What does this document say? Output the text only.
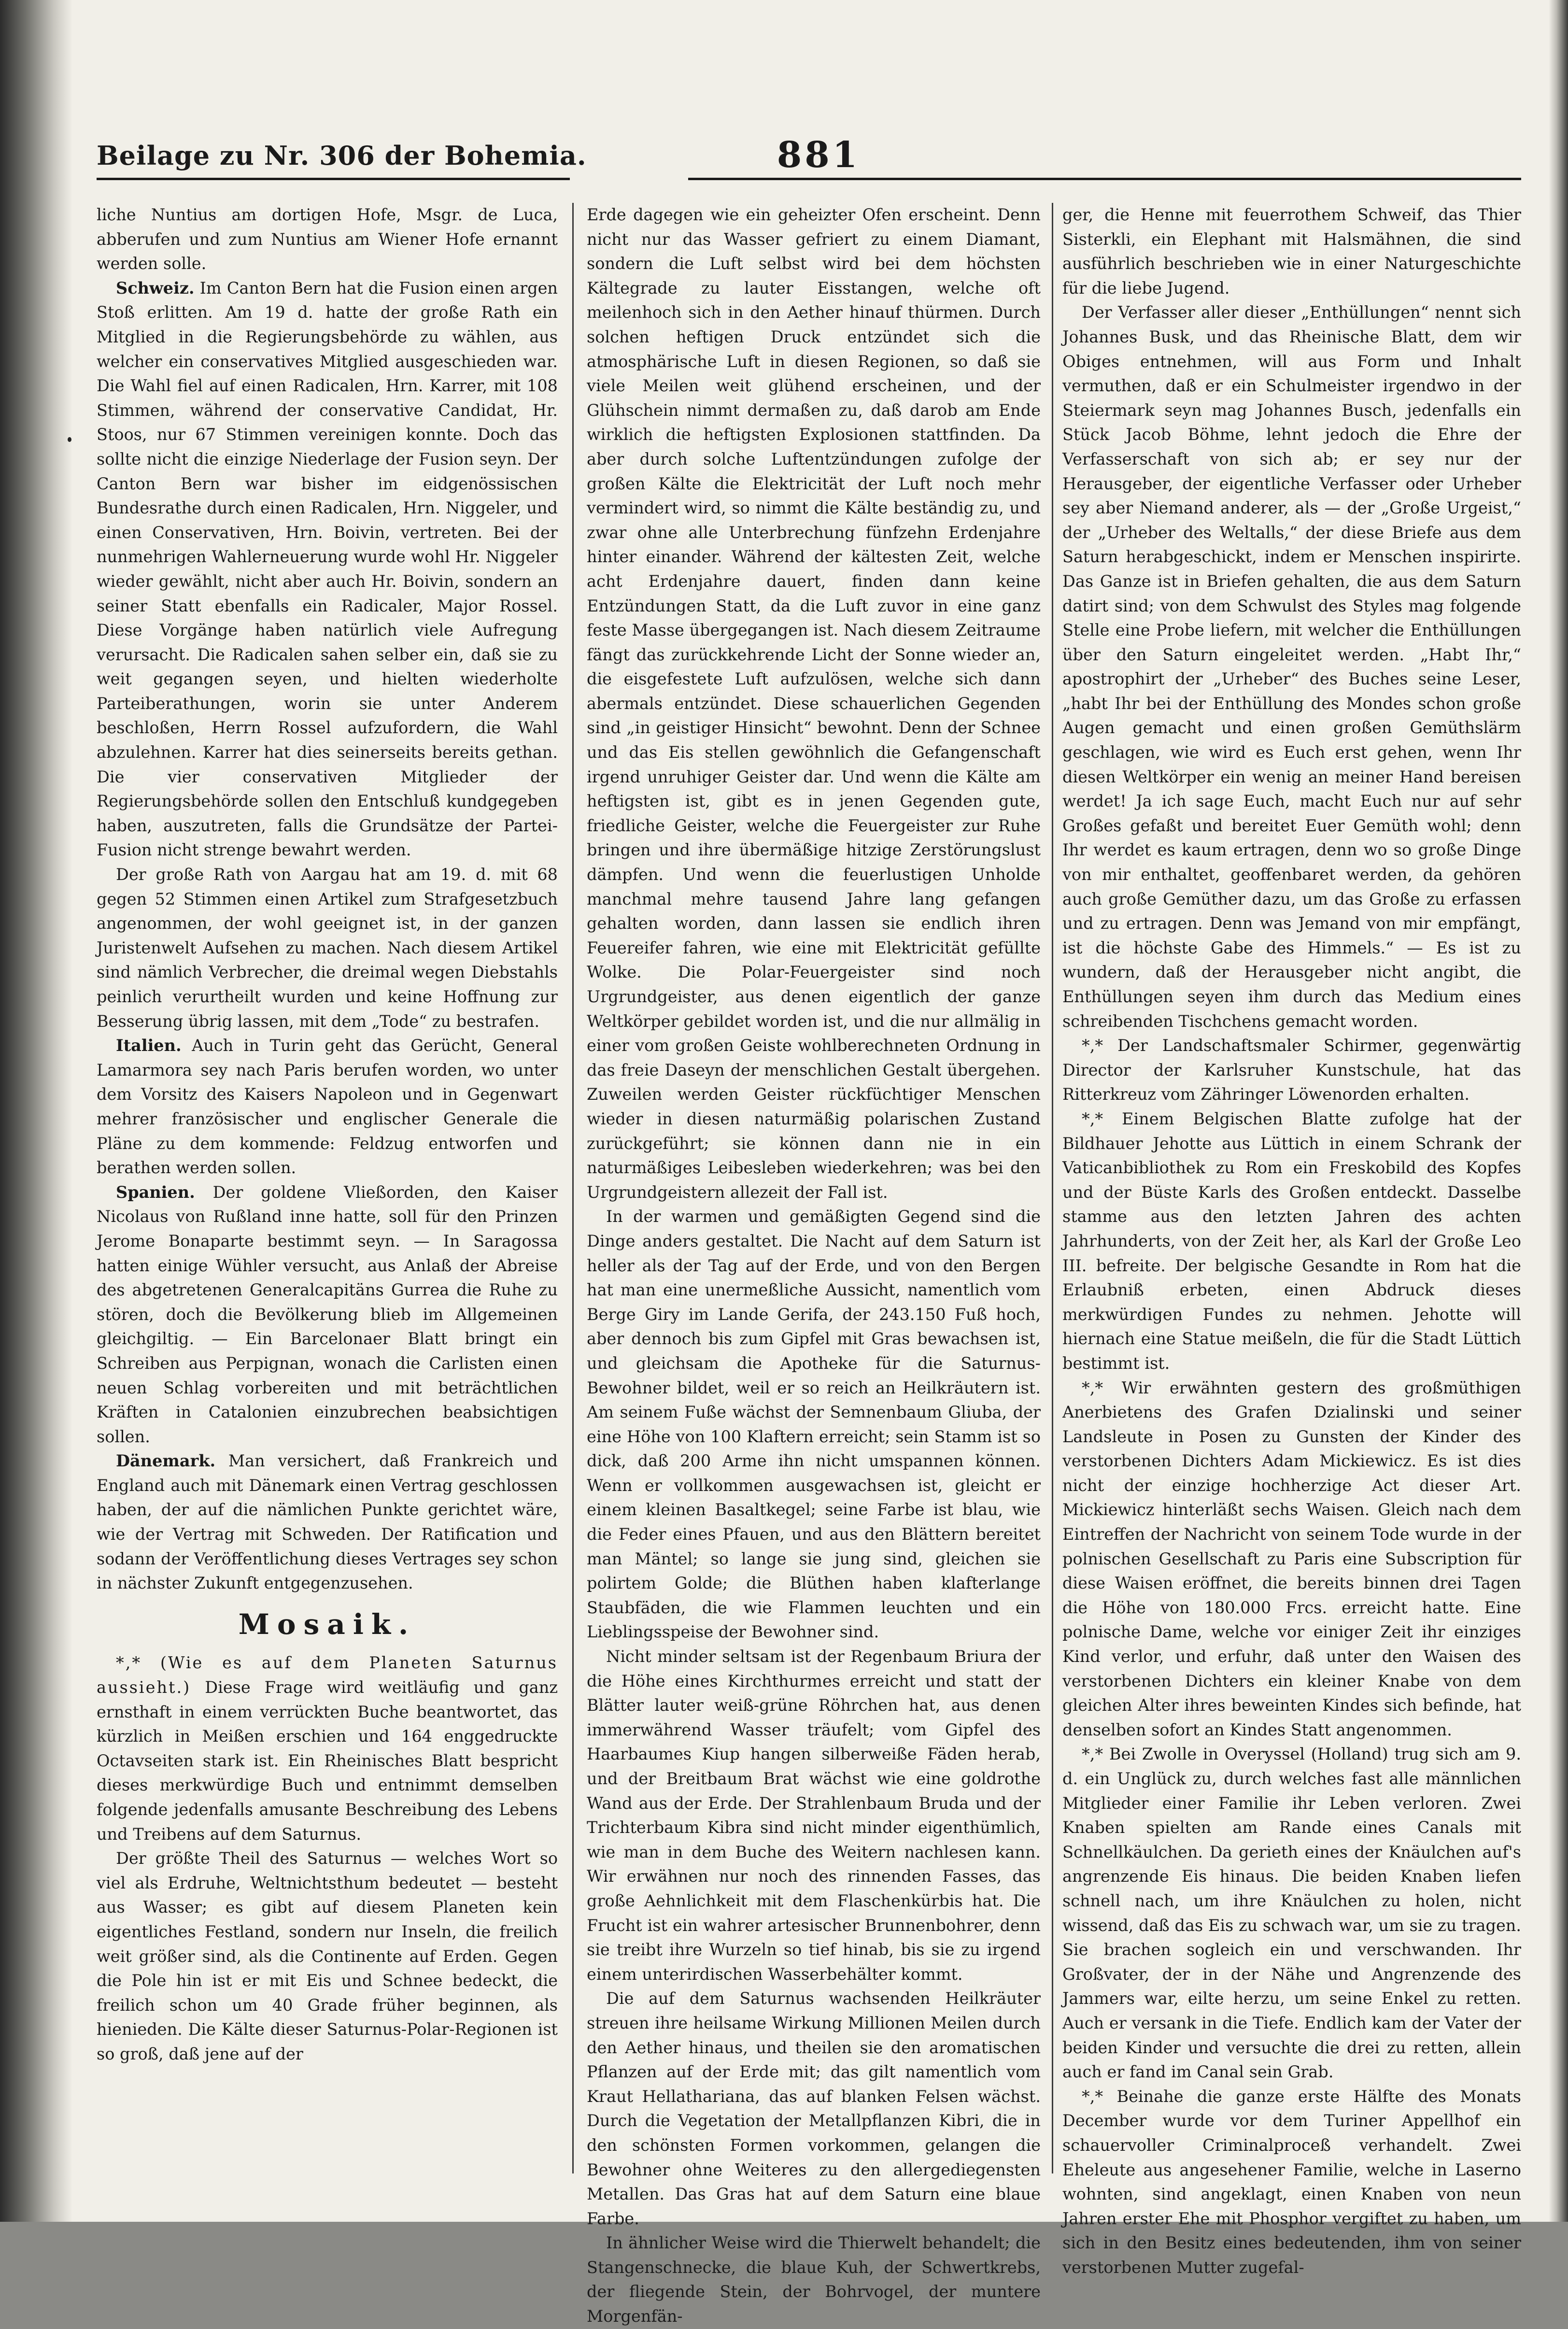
Beilage zu Nr. 306 der Bohemia.	881

liche Nuntius am dortigen Hofe, Msgr. de Luca, abberufen und zum Nuntius am Wiener Hofe ernannt werden solle.

Schweiz. Im Canton Bern hat die Fusion einen argen Stoß erlitten. Am 19 d. hatte der große Rath ein Mitglied in die Regierungsbehörde zu wählen, aus welcher ein conservatives Mitglied ausgeschieden war. Die Wahl fiel auf einen Radicalen, Hrn. Karrer, mit 108 Stimmen, während der conservative Candidat, Hr. Stoos, nur 67 Stimmen vereinigen konnte. Doch das sollte nicht die einzige Niederlage der Fusion seyn. Der Canton Bern war bisher im eidgenössischen Bundesrathe durch einen Radicalen, Hrn. Niggeler, und einen Conservativen, Hrn. Boivin, vertreten. Bei der nunmehrigen Wahlerneuerung wurde wohl Hr. Niggeler wieder gewählt, nicht aber auch Hr. Boivin, sondern an seiner Statt ebenfalls ein Radicaler, Major Rossel. Diese Vorgänge haben natürlich viele Aufregung verursacht. Die Radicalen sahen selber ein, daß sie zu weit gegangen seyen, und hielten wiederholte Parteiberathungen, worin sie unter Anderem beschloßen, Herrn Rossel aufzufordern, die Wahl abzulehnen. Karrer hat dies seinerseits bereits gethan. Die vier conservativen Mitglieder der Regierungsbehörde sollen den Entschluß kundgegeben haben, auszutreten, falls die Grundsätze der Partei-Fusion nicht strenge bewahrt werden.

Der große Rath von Aargau hat am 19. d. mit 68 gegen 52 Stimmen einen Artikel zum Strafgesetzbuch angenommen, der wohl geeignet ist, in der ganzen Juristenwelt Aufsehen zu machen. Nach diesem Artikel sind nämlich Verbrecher, die dreimal wegen Diebstahls peinlich verurtheilt wurden und keine Hoffnung zur Besserung übrig lassen, mit dem „Tode“ zu bestrafen.

Italien. Auch in Turin geht das Gerücht, General Lamarmora sey nach Paris berufen worden, wo unter dem Vorsitz des Kaisers Napoleon und in Gegenwart mehrer französischer und englischer Generale die Pläne zu dem kommende: Feldzug entworfen und berathen werden sollen.

Spanien. Der goldene Vließorden, den Kaiser Nicolaus von Rußland inne hatte, soll für den Prinzen Jerome Bonaparte bestimmt seyn. — In Saragossa hatten einige Wühler versucht, aus Anlaß der Abreise des abgetretenen Generalcapitäns Gurrea die Ruhe zu stören, doch die Bevölkerung blieb im Allgemeinen gleichgiltig. — Ein Barcelonaer Blatt bringt ein Schreiben aus Perpignan, wonach die Carlisten einen neuen Schlag vorbereiten und mit beträchtlichen Kräften in Catalonien einzubrechen beabsichtigen sollen.

Dänemark. Man versichert, daß Frankreich und England auch mit Dänemark einen Vertrag geschlossen haben, der auf die nämlichen Punkte gerichtet wäre, wie der Vertrag mit Schweden. Der Ratification und sodann der Veröffentlichung dieses Vertrages sey schon in nächster Zukunft entgegenzusehen.

Mosaik.

*,* (Wie es auf dem Planeten Saturnus aussieht.) Diese Frage wird weitläufig und ganz ernsthaft in einem verrückten Buche beantwortet, das kürzlich in Meißen erschien und 164 enggedruckte Octavseiten stark ist. Ein Rheinisches Blatt bespricht dieses merkwürdige Buch und entnimmt demselben folgende jedenfalls amusante Beschreibung des Lebens und Treibens auf dem Saturnus.

Der größte Theil des Saturnus — welches Wort so viel als Erdruhe, Weltnichtsthum bedeutet — besteht aus Wasser; es gibt auf diesem Planeten kein eigentliches Festland, sondern nur Inseln, die freilich weit größer sind, als die Continente auf Erden. Gegen die Pole hin ist er mit Eis und Schnee bedeckt, die freilich schon um 40 Grade früher beginnen, als hienieden. Die Kälte dieser Saturnus-Polar-Regionen ist so groß, daß jene auf der

Erde dagegen wie ein geheizter Ofen erscheint. Denn nicht nur das Wasser gefriert zu einem Diamant, sondern die Luft selbst wird bei dem höchsten Kältegrade zu lauter Eisstangen, welche oft meilenhoch sich in den Aether hinauf thürmen. Durch solchen heftigen Druck entzündet sich die atmosphärische Luft in diesen Regionen, so daß sie viele Meilen weit glühend erscheinen, und der Glühschein nimmt dermaßen zu, daß darob am Ende wirklich die heftigsten Explosionen stattfinden. Da aber durch solche Luftentzündungen zufolge der großen Kälte die Elektricität der Luft noch mehr vermindert wird, so nimmt die Kälte beständig zu, und zwar ohne alle Unterbrechung fünfzehn Erdenjahre hinter einander. Während der kältesten Zeit, welche acht Erdenjahre dauert, finden dann keine Entzündungen Statt, da die Luft zuvor in eine ganz feste Masse übergegangen ist. Nach diesem Zeitraume fängt das zurückkehrende Licht der Sonne wieder an, die eisgefestete Luft aufzulösen, welche sich dann abermals entzündet. Diese schauerlichen Gegenden sind „in geistiger Hinsicht“ bewohnt. Denn der Schnee und das Eis stellen gewöhnlich die Gefangenschaft irgend unruhiger Geister dar. Und wenn die Kälte am heftigsten ist, gibt es in jenen Gegenden gute, friedliche Geister, welche die Feuergeister zur Ruhe bringen und ihre übermäßige hitzige Zerstörungslust dämpfen. Und wenn die feuerlustigen Unholde manchmal mehre tausend Jahre lang gefangen gehalten worden, dann lassen sie endlich ihren Feuereifer fahren, wie eine mit Elektricität gefüllte Wolke. Die Polar-Feuergeister sind noch Urgrundgeister, aus denen eigentlich der ganze Weltkörper gebildet worden ist, und die nur allmälig in einer vom großen Geiste wohlberechneten Ordnung in das freie Daseyn der menschlichen Gestalt übergehen. Zuweilen werden Geister rückfüchtiger Menschen wieder in diesen naturmäßig polarischen Zustand zurückgeführt; sie können dann nie in ein naturmäßiges Leibesleben wiederkehren; was bei den Urgrundgeistern allezeit der Fall ist.

In der warmen und gemäßigten Gegend sind die Dinge anders gestaltet. Die Nacht auf dem Saturn ist heller als der Tag auf der Erde, und von den Bergen hat man eine unermeßliche Aussicht, namentlich vom Berge Giry im Lande Gerifa, der 243.150 Fuß hoch, aber dennoch bis zum Gipfel mit Gras bewachsen ist, und gleichsam die Apotheke für die Saturnus-Bewohner bildet, weil er so reich an Heilkräutern ist. Am seinem Fuße wächst der Semnenbaum Gliuba, der eine Höhe von 100 Klaftern erreicht; sein Stamm ist so dick, daß 200 Arme ihn nicht umspannen können. Wenn er vollkommen ausgewachsen ist, gleicht er einem kleinen Basaltkegel; seine Farbe ist blau, wie die Feder eines Pfauen, und aus den Blättern bereitet man Mäntel; so lange sie jung sind, gleichen sie polirtem Golde; die Blüthen haben klafterlange Staubfäden, die wie Flammen leuchten und ein Lieblingsspeise der Bewohner sind.

Nicht minder seltsam ist der Regenbaum Briura der die Höhe eines Kirchthurmes erreicht und statt der Blätter lauter weiß-grüne Röhrchen hat, aus denen immerwährend Wasser träufelt; vom Gipfel des Haarbaumes Kiup hangen silberweiße Fäden herab, und der Breitbaum Brat wächst wie eine goldrothe Wand aus der Erde. Der Strahlenbaum Bruda und der Trichterbaum Kibra sind nicht minder eigenthümlich, wie man in dem Buche des Weitern nachlesen kann. Wir erwähnen nur noch des rinnenden Fasses, das große Aehnlichkeit mit dem Flaschenkürbis hat. Die Frucht ist ein wahrer artesischer Brunnenbohrer, denn sie treibt ihre Wurzeln so tief hinab, bis sie zu irgend einem unterirdischen Wasserbehälter kommt.

Die auf dem Saturnus wachsenden Heilkräuter streuen ihre heilsame Wirkung Millionen Meilen durch den Aether hinaus, und theilen sie den aromatischen Pflanzen auf der Erde mit; das gilt namentlich vom Kraut Hellathariana, das auf blanken Felsen wächst. Durch die Vegetation der Metallpflanzen Kibri, die in den schönsten Formen vorkommen, gelangen die Bewohner ohne Weiteres zu den allergediegensten Metallen. Das Gras hat auf dem Saturn eine blaue Farbe.

In ähnlicher Weise wird die Thierwelt behandelt; die Stangenschnecke, die blaue Kuh, der Schwertkrebs, der fliegende Stein, der Bohrvogel, der muntere Morgenfän-

ger, die Henne mit feuerrothem Schweif, das Thier Sisterkli, ein Elephant mit Halsmähnen, die sind ausführlich beschrieben wie in einer Naturgeschichte für die liebe Jugend.

Der Verfasser aller dieser „Enthüllungen“ nennt sich Johannes Busk, und das Rheinische Blatt, dem wir Obiges entnehmen, will aus Form und Inhalt vermuthen, daß er ein Schulmeister irgendwo in der Steiermark seyn mag Johannes Busch, jedenfalls ein Stück Jacob Böhme, lehnt jedoch die Ehre der Verfasserschaft von sich ab; er sey nur der Herausgeber, der eigentliche Verfasser oder Urheber sey aber Niemand anderer, als — der „Große Urgeist,“ der „Urheber des Weltalls,“ der diese Briefe aus dem Saturn herabgeschickt, indem er Menschen inspirirte. Das Ganze ist in Briefen gehalten, die aus dem Saturn datirt sind; von dem Schwulst des Styles mag folgende Stelle eine Probe liefern, mit welcher die Enthüllungen über den Saturn eingeleitet werden. „Habt Ihr,“ apostrophirt der „Urheber“ des Buches seine Leser, „habt Ihr bei der Enthüllung des Mondes schon große Augen gemacht und einen großen Gemüthslärm geschlagen, wie wird es Euch erst gehen, wenn Ihr diesen Weltkörper ein wenig an meiner Hand bereisen werdet! Ja ich sage Euch, macht Euch nur auf sehr Großes gefaßt und bereitet Euer Gemüth wohl; denn Ihr werdet es kaum ertragen, denn wo so große Dinge von mir enthaltet, geoffenbaret werden, da gehören auch große Gemüther dazu, um das Große zu erfassen und zu ertragen. Denn was Jemand von mir empfängt, ist die höchste Gabe des Himmels.“ — Es ist zu wundern, daß der Herausgeber nicht angibt, die Enthüllungen seyen ihm durch das Medium eines schreibenden Tischchens gemacht worden.

*,* Der Landschaftsmaler Schirmer, gegenwärtig Director der Karlsruher Kunstschule, hat das Ritterkreuz vom Zähringer Löwenorden erhalten.

*,* Einem Belgischen Blatte zufolge hat der Bildhauer Jehotte aus Lüttich in einem Schrank der Vaticanbibliothek zu Rom ein Freskobild des Kopfes und der Büste Karls des Großen entdeckt. Dasselbe stamme aus den letzten Jahren des achten Jahrhunderts, von der Zeit her, als Karl der Große Leo III. befreite. Der belgische Gesandte in Rom hat die Erlaubniß erbeten, einen Abdruck dieses merkwürdigen Fundes zu nehmen. Jehotte will hiernach eine Statue meißeln, die für die Stadt Lüttich bestimmt ist.

*,* Wir erwähnten gestern des großmüthigen Anerbietens des Grafen Dzialinski und seiner Landsleute in Posen zu Gunsten der Kinder des verstorbenen Dichters Adam Mickiewicz. Es ist dies nicht der einzige hochherzige Act dieser Art. Mickiewicz hinterläßt sechs Waisen. Gleich nach dem Eintreffen der Nachricht von seinem Tode wurde in der polnischen Gesellschaft zu Paris eine Subscription für diese Waisen eröffnet, die bereits binnen drei Tagen die Höhe von 180.000 Frcs. erreicht hatte. Eine polnische Dame, welche vor einiger Zeit ihr einziges Kind verlor, und erfuhr, daß unter den Waisen des verstorbenen Dichters ein kleiner Knabe von dem gleichen Alter ihres beweinten Kindes sich befinde, hat denselben sofort an Kindes Statt angenommen.

*,* Bei Zwolle in Overyssel (Holland) trug sich am 9. d. ein Unglück zu, durch welches fast alle männlichen Mitglieder einer Familie ihr Leben verloren. Zwei Knaben spielten am Rande eines Canals mit Schnellkäulchen. Da gerieth eines der Knäulchen auf's angrenzende Eis hinaus. Die beiden Knaben liefen schnell nach, um ihre Knäulchen zu holen, nicht wissend, daß das Eis zu schwach war, um sie zu tragen. Sie brachen sogleich ein und verschwanden. Ihr Großvater, der in der Nähe und Angrenzende des Jammers war, eilte herzu, um seine Enkel zu retten. Auch er versank in die Tiefe. Endlich kam der Vater der beiden Kinder und versuchte die drei zu retten, allein auch er fand im Canal sein Grab.

*,* Beinahe die ganze erste Hälfte des Monats December wurde vor dem Turiner Appellhof ein schauervoller Criminalproceß verhandelt. Zwei Eheleute aus angesehener Familie, welche in Laserno wohnten, sind angeklagt, einen Knaben von neun Jahren erster Ehe mit Phosphor vergiftet zu haben, um sich in den Besitz eines bedeutenden, ihm von seiner verstorbenen Mutter zugefal-
